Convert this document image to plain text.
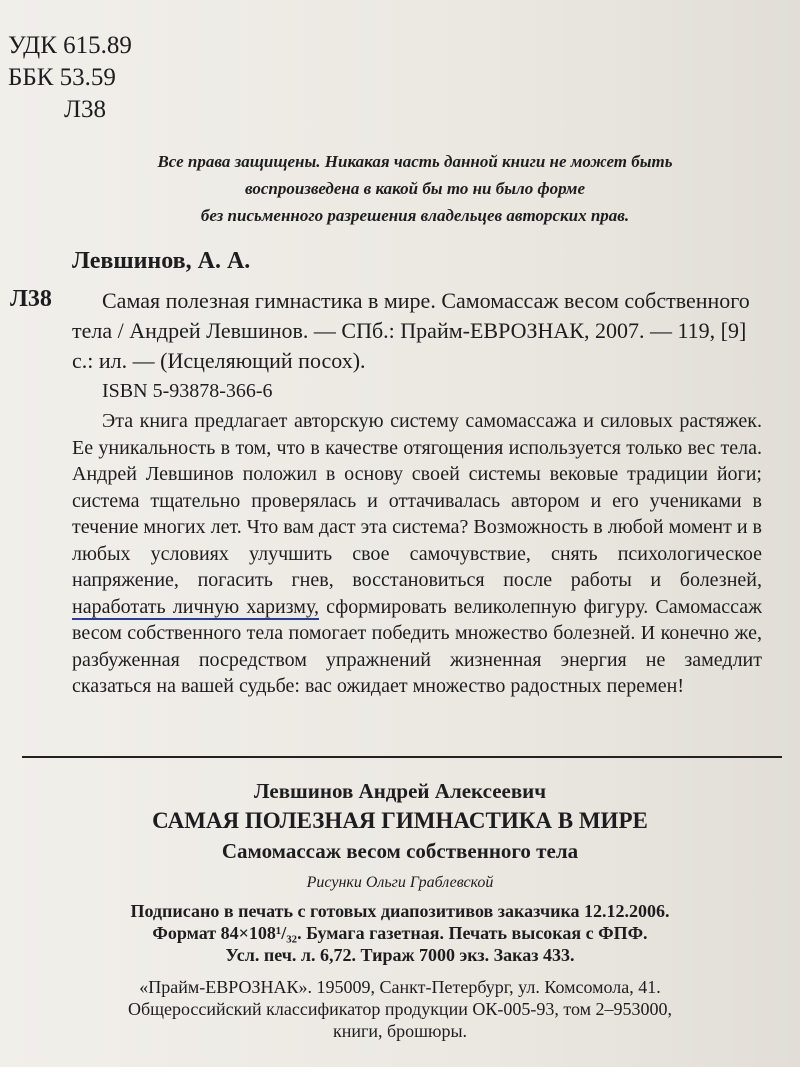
УДК 615.89
ББК 53.59
Л38
Все права защищены. Никакая часть данной книги не может быть
воспроизведена в какой бы то ни было форме
без письменного разрешения владельцев авторских прав.
Левшинов, А. А.
Л38	Самая полезная гимнастика в мире. Самомассаж весом собственного тела / Андрей Левшинов. — СПб.: Прайм-ЕВРОЗНАК, 2007. — 119, [9] с.: ил. — (Исцеляющий посох).

ISBN 5-93878-366-6

Эта книга предлагает авторскую систему самомассажа и силовых растяжек. Ее уникальность в том, что в качестве отягощения используется только вес тела. Андрей Левшинов положил в основу своей системы вековые традиции йоги; система тщательно проверялась и оттачивалась автором и его учениками в течение многих лет. Что вам даст эта система? Возможность в любой момент и в любых условиях улучшить свое самочувствие, снять психологическое напряжение, погасить гнев, восстановиться после работы и болезней, наработать личную харизму, сформировать великолепную фигуру. Самомассаж весом собственного тела помогает победить множество болезней. И конечно же, разбуженная посредством упражнений жизненная энергия не замедлит сказаться на вашей судьбе: вас ожидает множество радостных перемен!

Левшинов Андрей Алексеевич
САМАЯ ПОЛЕЗНАЯ ГИМНАСТИКА В МИРЕ
Самомассаж весом собственного тела
Рисунки Ольги Граблевской
Подписано в печать с готовых диапозитивов заказчика 12.12.2006.
Формат 84×108¹/₃₂. Бумага газетная. Печать высокая с ФПФ.
Усл. печ. л. 6,72. Тираж 7000 экз. Заказ 433.
«Прайм-ЕВРОЗНАК». 195009, Санкт-Петербург, ул. Комсомола, 41.
Общероссийский классификатор продукции ОК-005-93, том 2–953000,
книги, брошюры.
